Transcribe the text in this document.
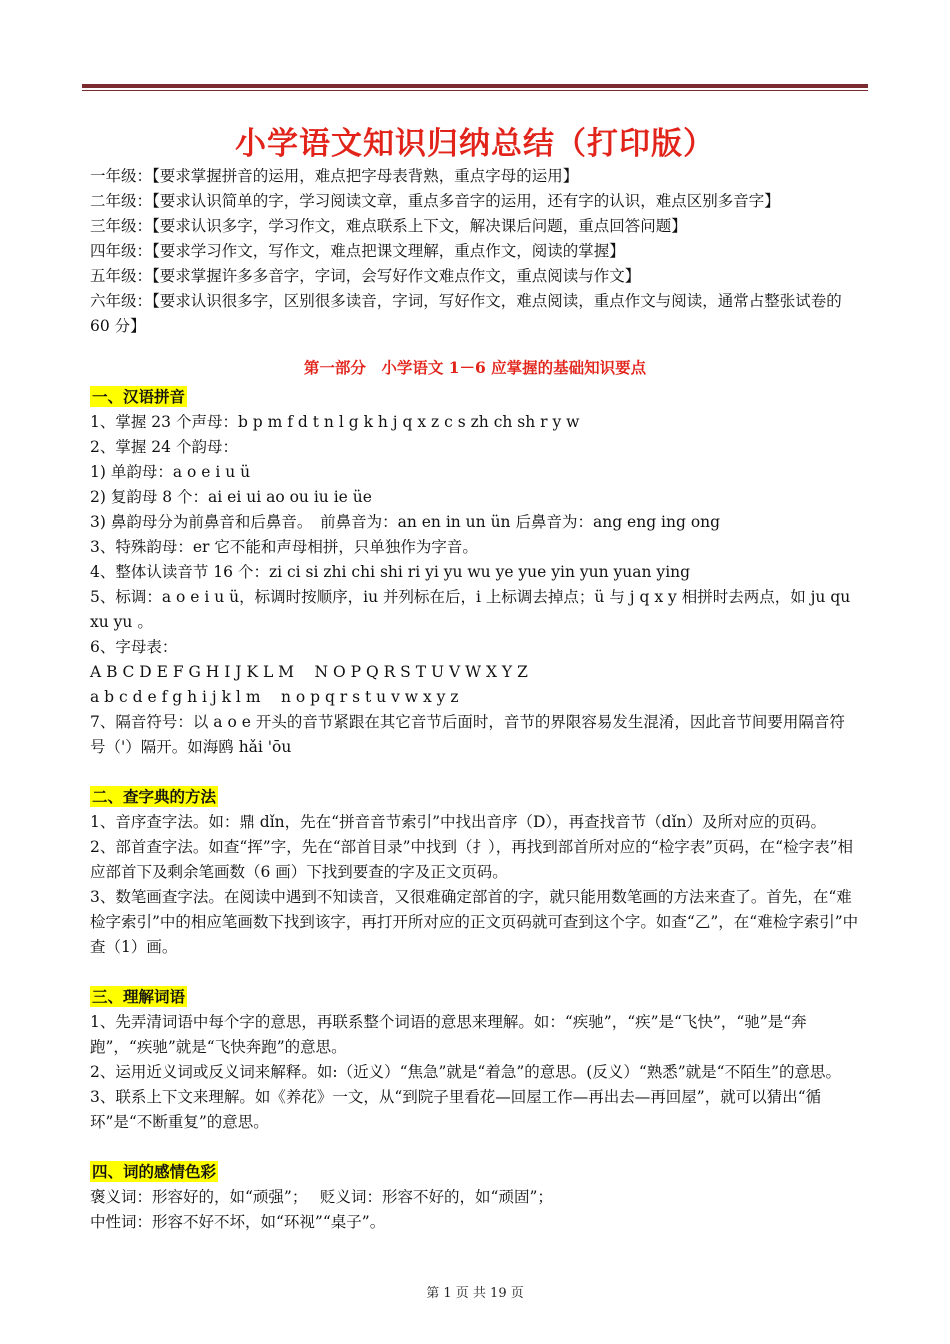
小学语文知识归纳总结（打印版）

一年级：【要求掌握拼音的运用，难点把字母表背熟，重点字母的运用】

二年级：【要求认识简单的字，学习阅读文章，重点多音字的运用，还有字的认识，难点区别多音字】

三年级：【要求认识多字，学习作文，难点联系上下文，解决课后问题，重点回答问题】

四年级：【要求学习作文，写作文，难点把课文理解，重点作文，阅读的掌握】

五年级：【要求掌握许多多音字，字词，会写好作文难点作文，重点阅读与作文】

六年级：【要求认识很多字，区别很多读音，字词，写好作文，难点阅读，重点作文与阅读，通常占整张试卷的 60 分】

第一部分　小学语文 1－6 应掌握的基础知识要点

一、汉语拼音

1、掌握 23 个声母：b p m f d t n l g k h j q x z c s zh ch sh r y w

2、掌握 24 个韵母：

1) 单韵母：a o e i u ü

2) 复韵母 8 个：ai ei ui ao ou iu ie üe

3) 鼻韵母分为前鼻音和后鼻音。　前鼻音为：an en in un ün 后鼻音为：ang eng ing ong

3、特殊韵母：er 它不能和声母相拼，只单独作为字音。

4、整体认读音节 16 个：zi ci si zhi chi shi ri yi yu wu ye yue yin yun yuan ying

5、标调：a o e i u ü，标调时按顺序，iu 并列标在后，i 上标调去掉点；ü 与 j q x y 相拼时去两点，如 ju qu xu yu 。

6、字母表：

A B C D E F G H I J K L M　 N O P Q R S T U V W X Y Z

a b c d e f g h i j k l m　 n o p q r s t u v w x y z

7、隔音符号：以 a o e 开头的音节紧跟在其它音节后面时，音节的界限容易发生混淆，因此音节间要用隔音符号（'）隔开。如海鸥 hǎi 'ōu

二、查字典的方法

1、音序查字法。如：鼎 dǐn，先在“拼音音节索引”中找出音序（D），再查找音节（dǐn）及所对应的页码。

2、部首查字法。如查“挥”字，先在“部首目录”中找到（扌），再找到部首所对应的“检字表”页码，在“检字表”相应部首下及剩余笔画数（6 画）下找到要查的字及正文页码。

3、数笔画查字法。在阅读中遇到不知读音，又很难确定部首的字，就只能用数笔画的方法来查了。首先，在“难检字索引”中的相应笔画数下找到该字，再打开所对应的正文页码就可查到这个字。如查“乙”，在“难检字索引”中查（1）画。

三、理解词语

1、先弄清词语中每个字的意思，再联系整个词语的意思来理解。如：“疾驰”，“疾”是“飞快”，“驰”是“奔跑”，“疾驰”就是“飞快奔跑”的意思。

2、运用近义词或反义词来解释。如:（近义）“焦急”就是“着急”的意思。(反义）“熟悉”就是“不陌生”的意思。

3、联系上下文来理解。如《养花》一文，从“到院子里看花—回屋工作—再出去—再回屋”，就可以猜出“循环”是“不断重复”的意思。

四、词的感情色彩

褒义词：形容好的，如“顽强”；　 贬义词：形容不好的，如“顽固”；

中性词：形容不好不坏，如“环视”“桌子”。

第 1 页 共 19 页
